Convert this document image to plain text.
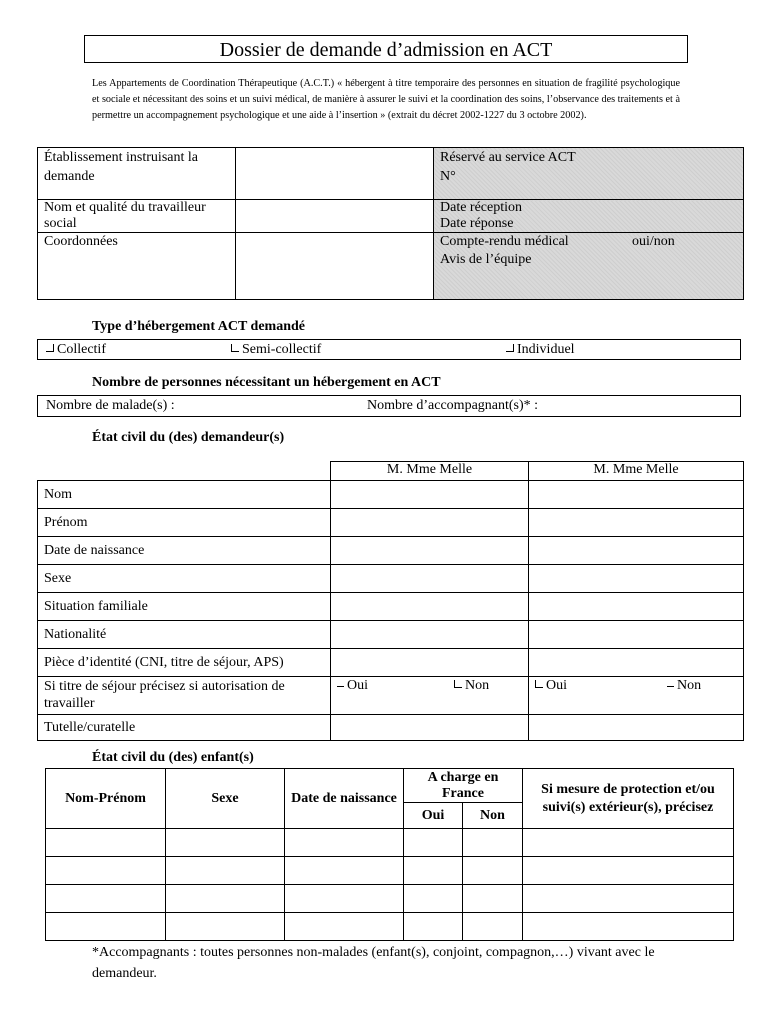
Dossier de demande d’admission en ACT
Les Appartements de Coordination Thérapeutique (A.C.T.) « hébergent à titre temporaire des personnes en situation de fragilité psychologique et sociale et nécessitant des soins et un suivi médical, de manière à assurer le suivi et la coordination des soins, l’observance des traitements et à permettre un accompagnement psychologique et une aide à l’insertion » (extrait du décret 2002-1227 du 3 octobre 2002).
Établissement instruisant la demande		Réservé au service ACT
N°

Nom et qualité du travailleur social		Date réception
Date réponse

Coordonnées		Compte-rendu médical oui/non
Avis de l’équipe
Type d’hébergement ACT demandé
Collectif	Semi-collectif	Individuel
Nombre de personnes nécessitant un hébergement en ACT
Nombre de malade(s) :	Nombre d’accompagnant(s)* :
État civil du (des) demandeur(s)
	M. Mme Melle	M. Mme Melle
Nom		
Prénom		
Date de naissance		
Sexe		
Situation familiale		
Nationalité		
Pièce d’identité (CNI, titre de séjour, APS)		
Si titre de séjour précisez si autorisation de travailler	Oui Non	Oui Non

Tutelle/curatelle		
État civil du (des) enfant(s)
Nom-Prénom	Sexe	Date de naissance	A charge en France		Si mesure de protection et/ou suivi(s) extérieur(s), précisez
			Oui	Non	

*Accompagnants : toutes personnes non-malades (enfant(s), conjoint, compagnon,…) vivant avec le demandeur.
